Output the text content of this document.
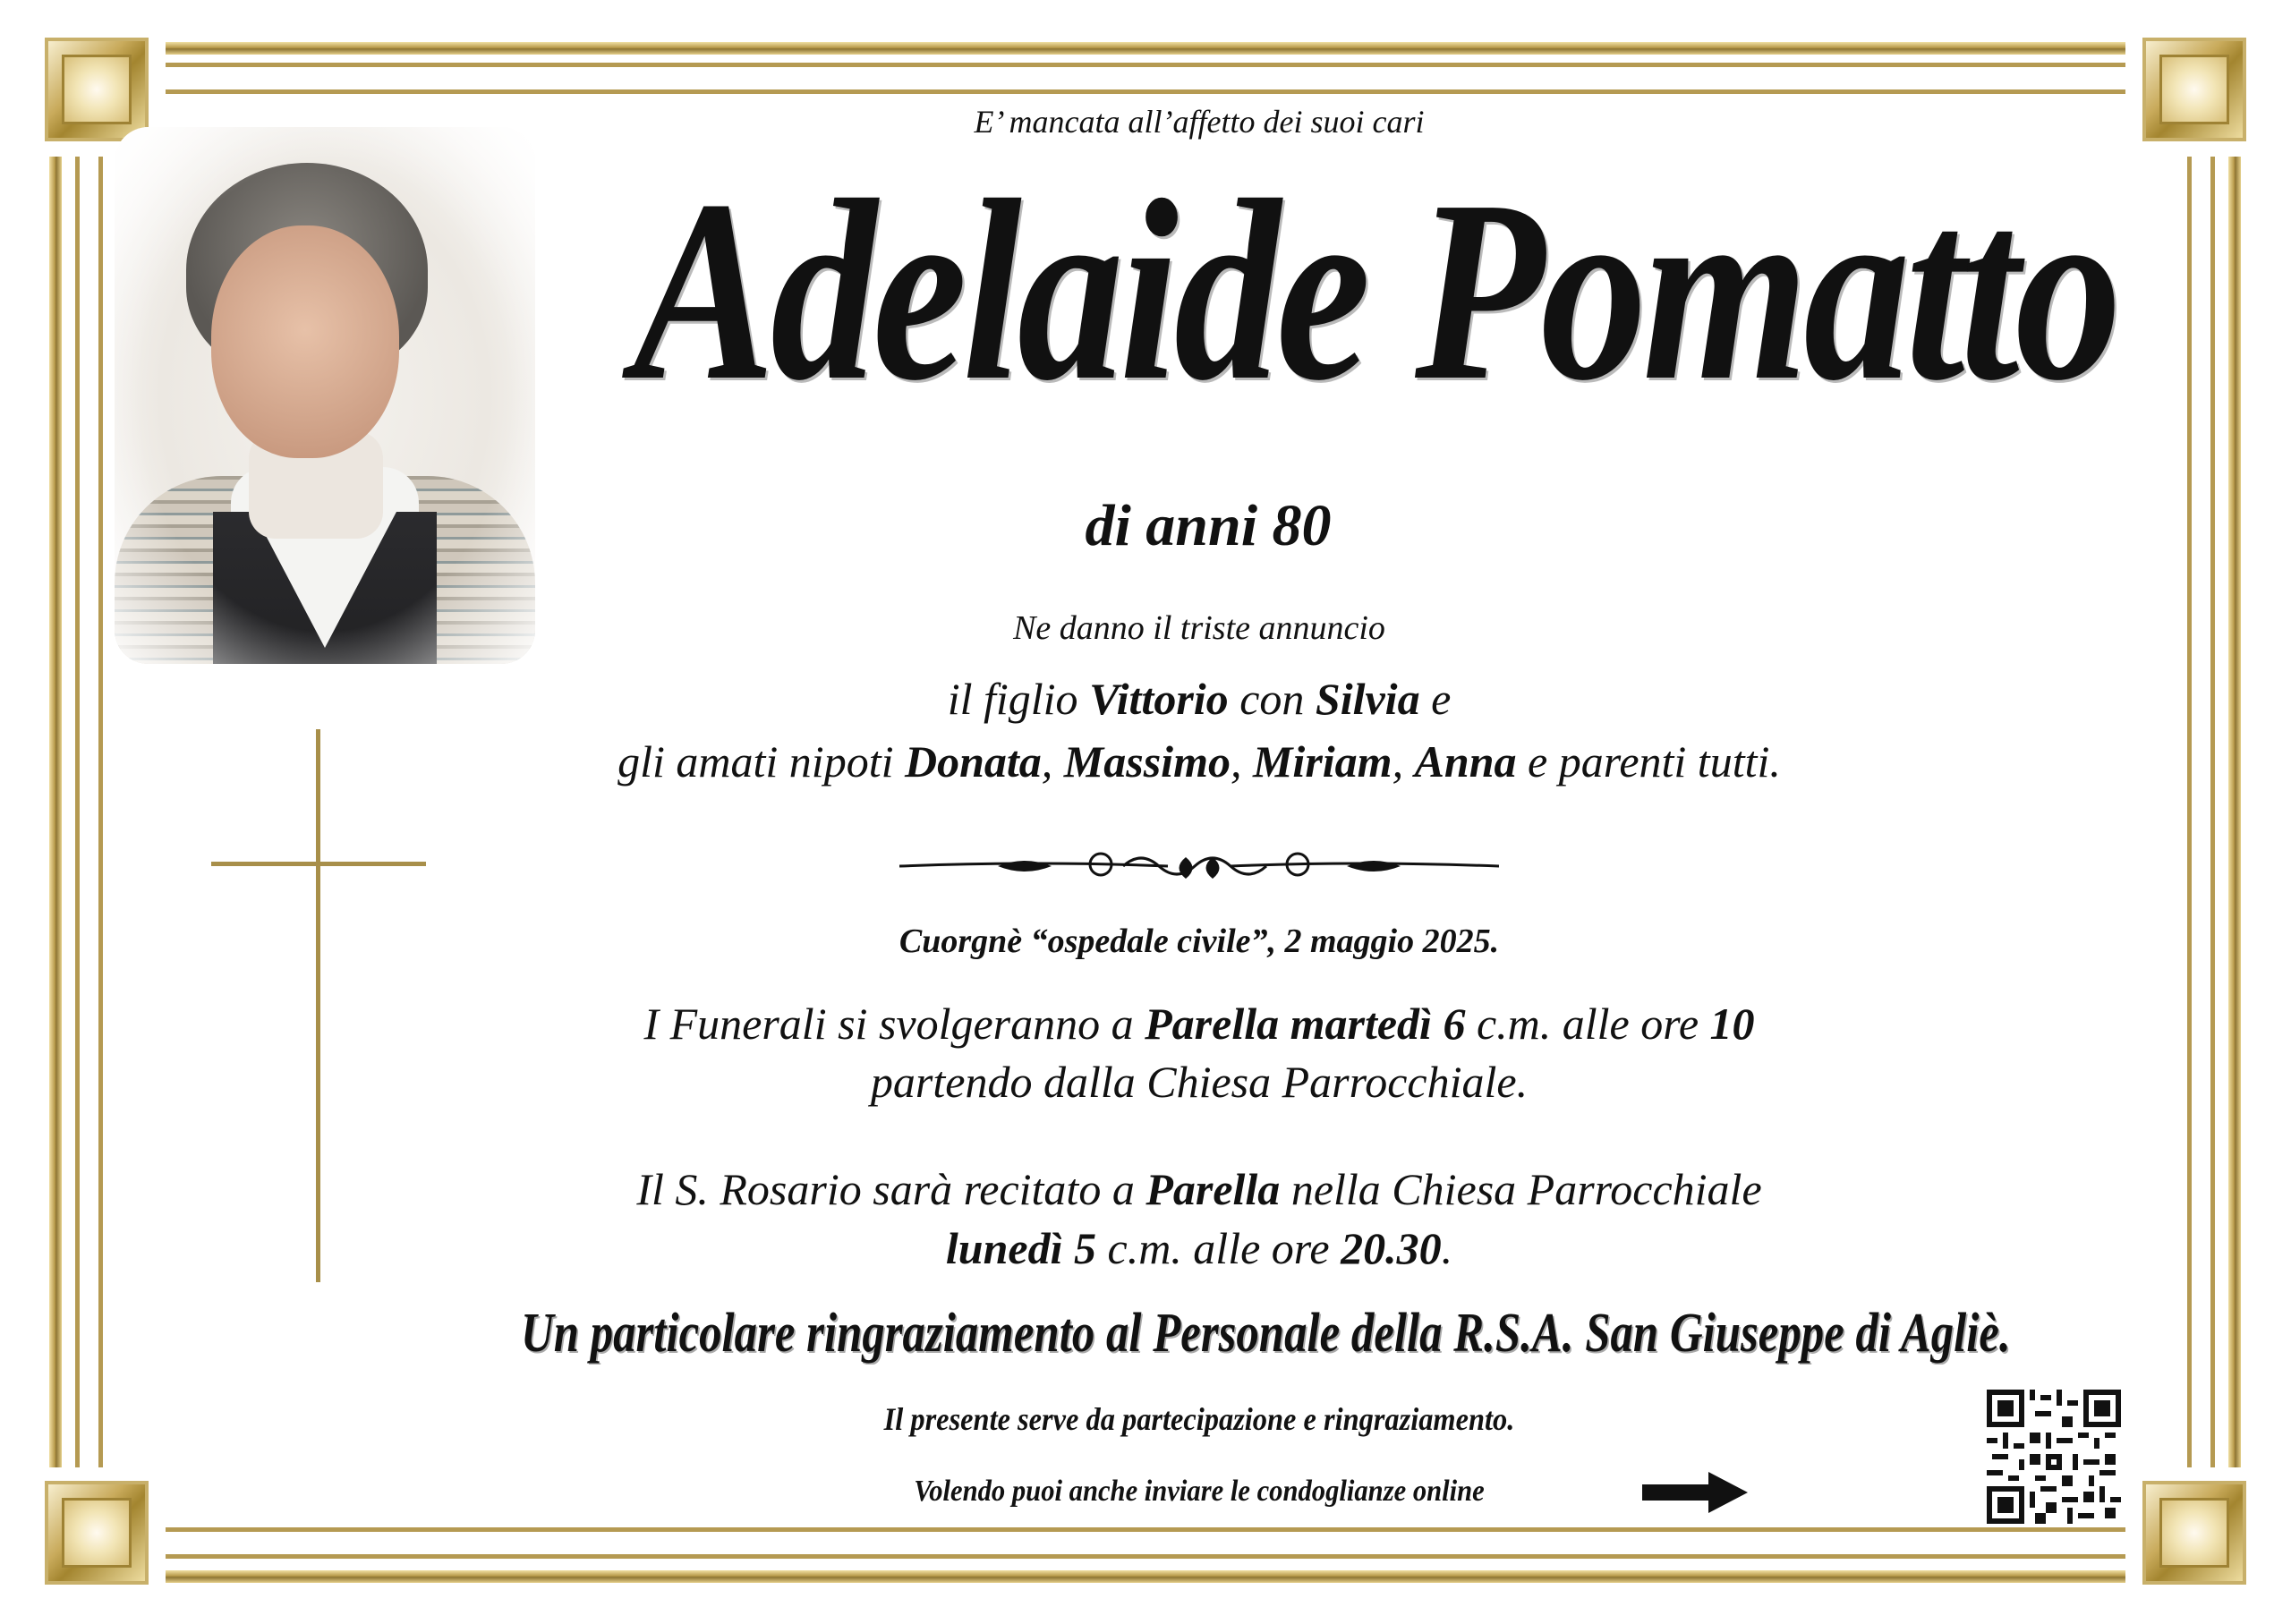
E’ mancata all’affetto dei suoi cari
Adelaide Pomatto
di anni 80
Ne danno il triste annuncio
il figlio Vittorio con Silvia e
gli amati nipoti Donata, Massimo, Miriam, Anna e parenti tutti.
Cuorgnè “ospedale civile”, 2 maggio 2025.
I Funerali si svolgeranno a Parella martedì 6 c.m. alle ore 10
partendo dalla Chiesa Parrocchiale.
Il S. Rosario sarà recitato a Parella nella Chiesa Parrocchiale
lunedì 5 c.m. alle ore 20.30.
Un particolare ringraziamento al Personale della R.S.A. San Giuseppe di Agliè.
Il presente serve da partecipazione e ringraziamento.
Volendo puoi anche inviare le condoglianze online
